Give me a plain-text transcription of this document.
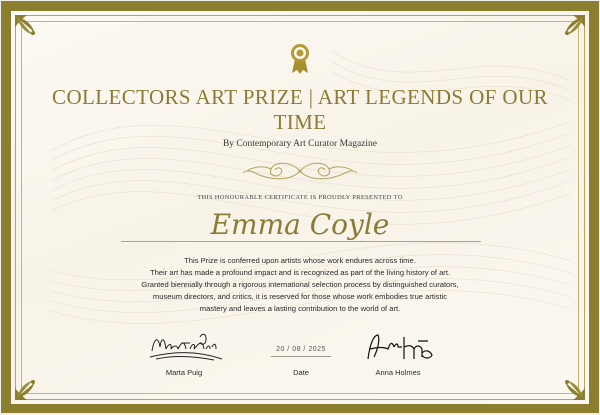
COLLECTORS ART PRIZE | ART LEGENDS OF OUR TIME
By Contemporary Art Curator Magazine
THIS HONOURABLE CERTIFICATE IS PROUDLY PRESENTED TO
Emma Coyle

This Prize is conferred upon artists whose work endures across time.

Their art has made a profound impact and is recognized as part of the living history of art.

Granted biennially through a rigorous international selection process by distinguished curators,

museum directors, and critics, it is reserved for those whose work embodies true artistic

mastery and leaves a lasting contribution to the world of art.

20 / 08 / 2025
Marta Puig	Date	Anna Holmes
